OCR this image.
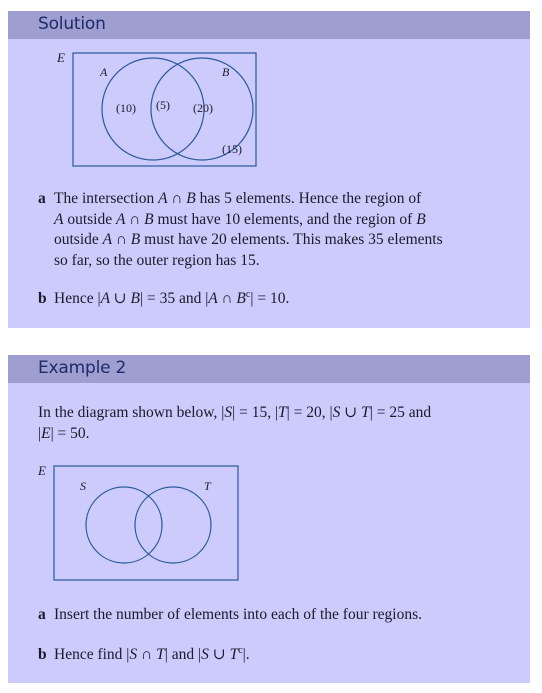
Solution
E
A	B
(10) (5) (20)
(15)
a The intersection A ∩ B has 5 elements. Hence the region of
A outside A ∩ B must have 10 elements, and the region of B
outside A ∩ B must have 20 elements. This makes 35 elements
so far, so the outer region has 15.
b Hence |A ∪ B| = 35 and |A ∩ $B^c| = 10$.
Example 2
In the diagram shown below, |S| = 15, |T| = 20, |S ∪ T| = 25 and
|E| = 50.
E
S	T
a Insert the number of elements into each of the four regions.
b Hence find |S ∩ T| and |S ∪ $T^c|$.
